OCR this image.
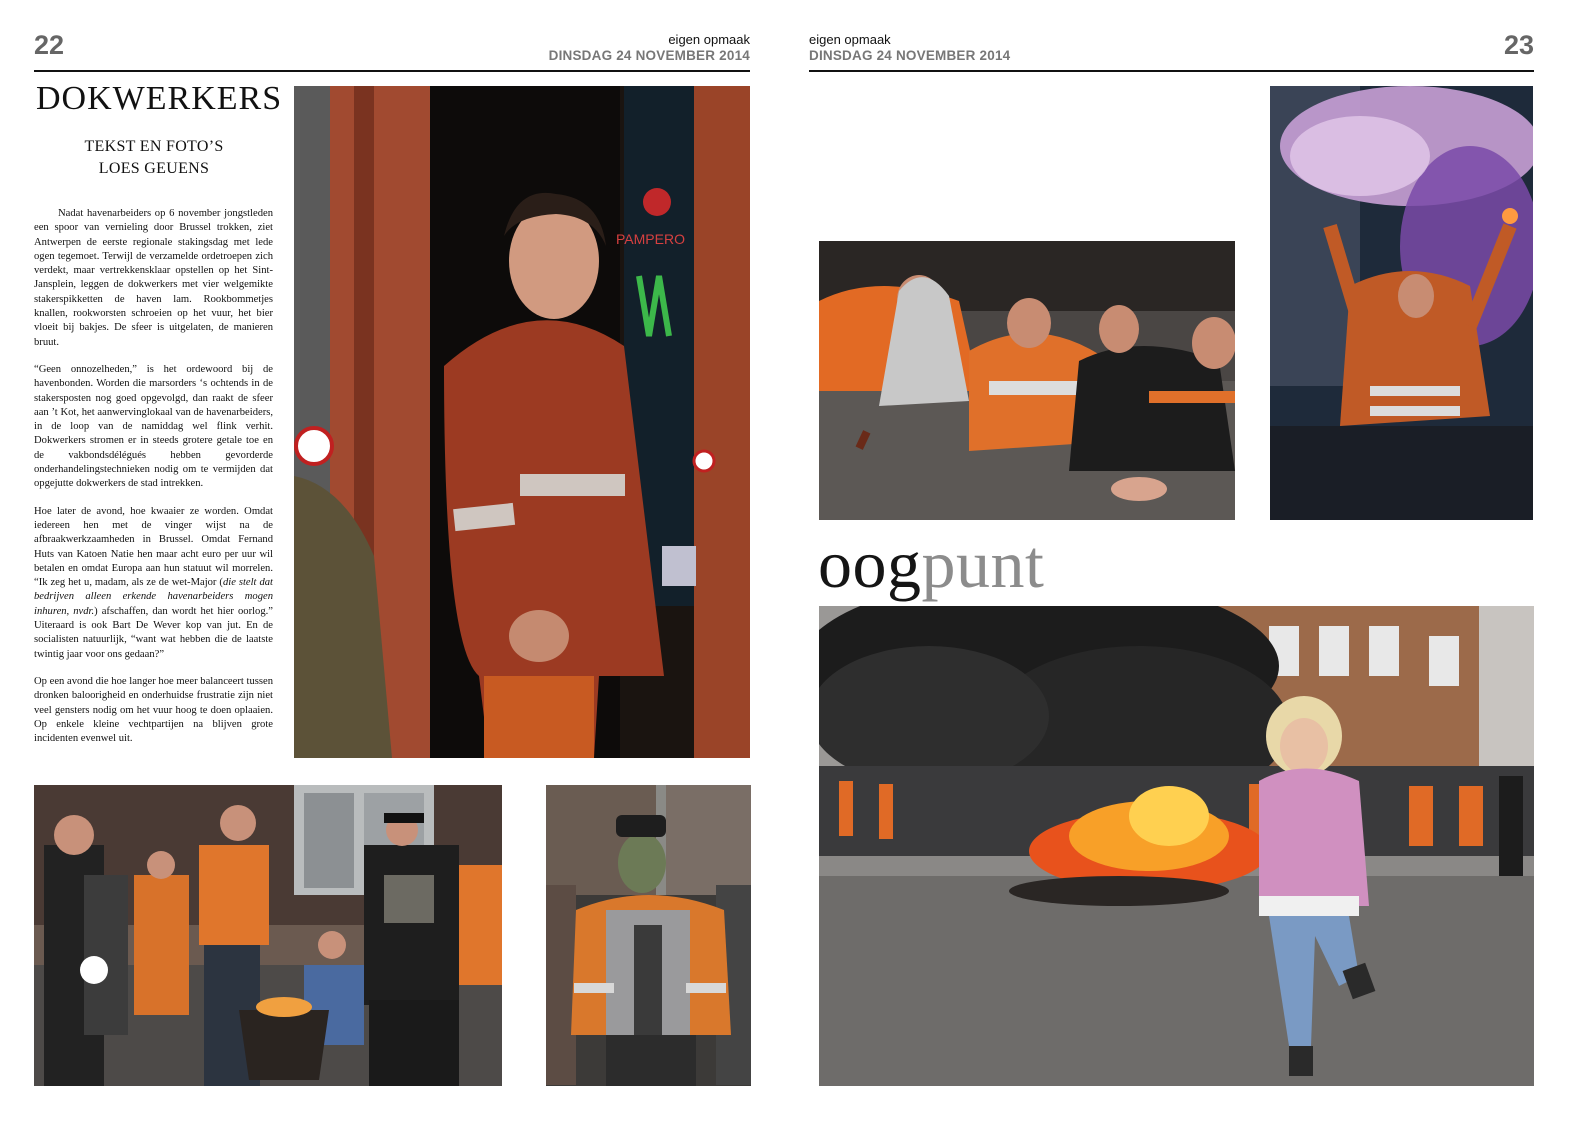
22	eigen opmaak
DINSDAG 24 NOVEMBER 2014
eigen opmaak
DINSDAG 24 NOVEMBER 2014	23
DOKWERKERS
TEKST EN FOTO’S
LOES GEUENS

Nadat havenarbeiders op 6 november jongstleden een spoor van vernieling door Brussel trokken, ziet Antwerpen de eerste regionale stakingsdag met lede ogen tegemoet. Terwijl de verzamelde ordetroepen zich verdekt, maar vertrekkensklaar opstellen op het Sint-Jansplein, leggen de dokwerkers met vier welgemikte stakerspikketten de haven lam. Rookbommetjes knallen, rookworsten schroeien op het vuur, het bier vloeit bij bakjes. De sfeer is uitgelaten, de manieren bruut.

“Geen onnozelheden,” is het ordewoord bij de havenbonden. Worden die marsorders ‘s ochtends in de stakersposten nog goed opgevolgd, dan raakt de sfeer aan ’t Kot, het aanwervinglokaal van de havenarbeiders, in de loop van de namiddag wel flink verhit. Dokwerkers stromen er in steeds grotere getale toe en de vakbondsdélégués hebben gevorderde onderhandelingstechnieken nodig om te vermijden dat opgejutte dokwerkers de stad intrekken.

Hoe later de avond, hoe kwaaier ze worden. Omdat iedereen hen met de vinger wijst na de afbraakwerkzaamheden in Brussel. Omdat Fernand Huts van Katoen Natie hen maar acht euro per uur wil betalen en omdat Europa aan hun statuut wil morrelen. “Ik zeg het u, madam, als ze de wet-Major (die stelt dat bedrijven alleen erkende havenarbeiders mogen inhuren, nvdr.) afschaffen, dan wordt het hier oorlog.” Uiteraard is ook Bart De Wever kop van jut. En de socialisten natuurlijk, “want wat hebben die de laatste twintig jaar voor ons gedaan?”

Op een avond die hoe langer hoe meer balanceert tussen dronken baloorigheid en onderhuidse frustratie zijn niet veel gensters nodig om het vuur hoog te doen oplaaien. Op enkele kleine vechtpartijen na blijven grote incidenten evenwel uit.

PAMPERO
oogpunt
